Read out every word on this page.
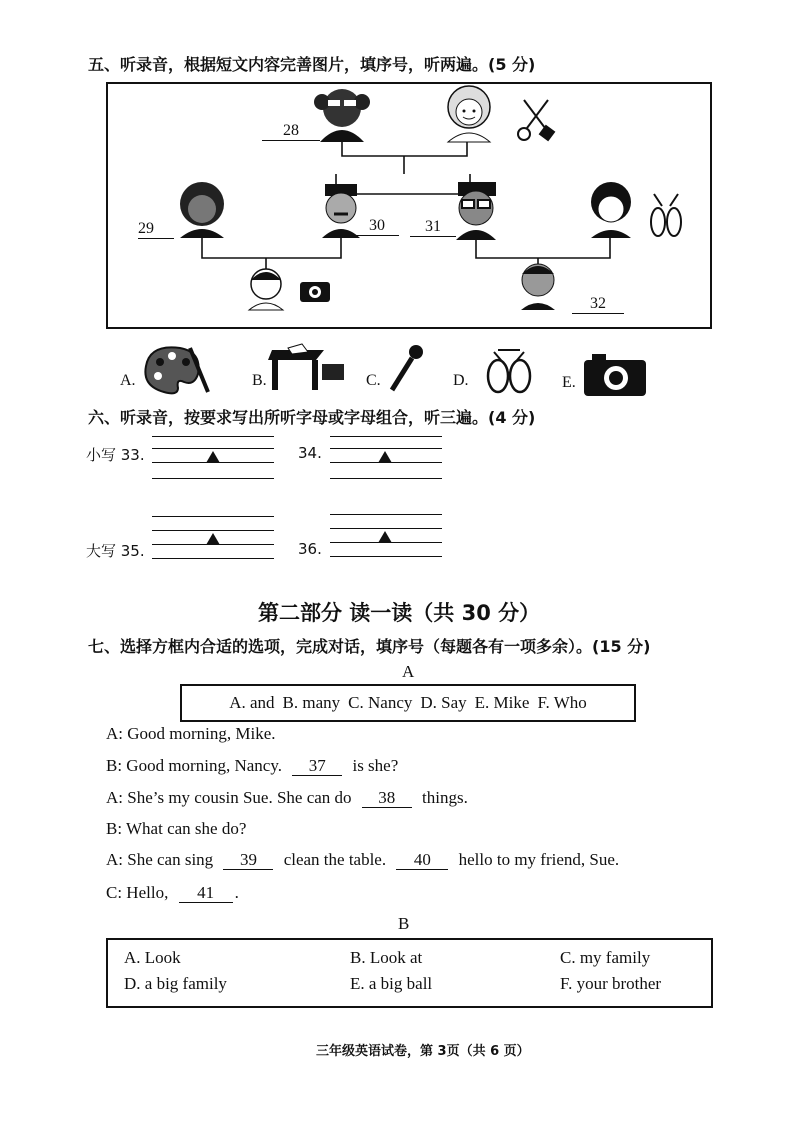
五、听录音，根据短文内容完善图片，填序号，听两遍。(5 分)
28
29	30	31
32
A.	B.	C.	D.	E.
六、听录音，按要求写出所听字母或字母组合，听三遍。(4 分)
小写 33.	34.
大写 35.	36.
第二部分 读一读（共 30 分）
七、选择方框内合适的选项，完成对话，填序号（每题各有一项多余）。(15 分)
A
A. and B. many C. Nancy D. Say E. Mike F. Who
A: Good morning, Mike.
B: Good morning, Nancy. 37 is she?
A: She’s my cousin Sue. She can do 38 things.
B: What can she do?
A: She can sing 39 clean the table. 40 hello to my friend, Sue.
C: Hello, 41 .
B
A. Look	B. Look at	C. my family
D. a big family	E. a big ball	F. your brother
三年级英语试卷，第 3页（共 6 页）
